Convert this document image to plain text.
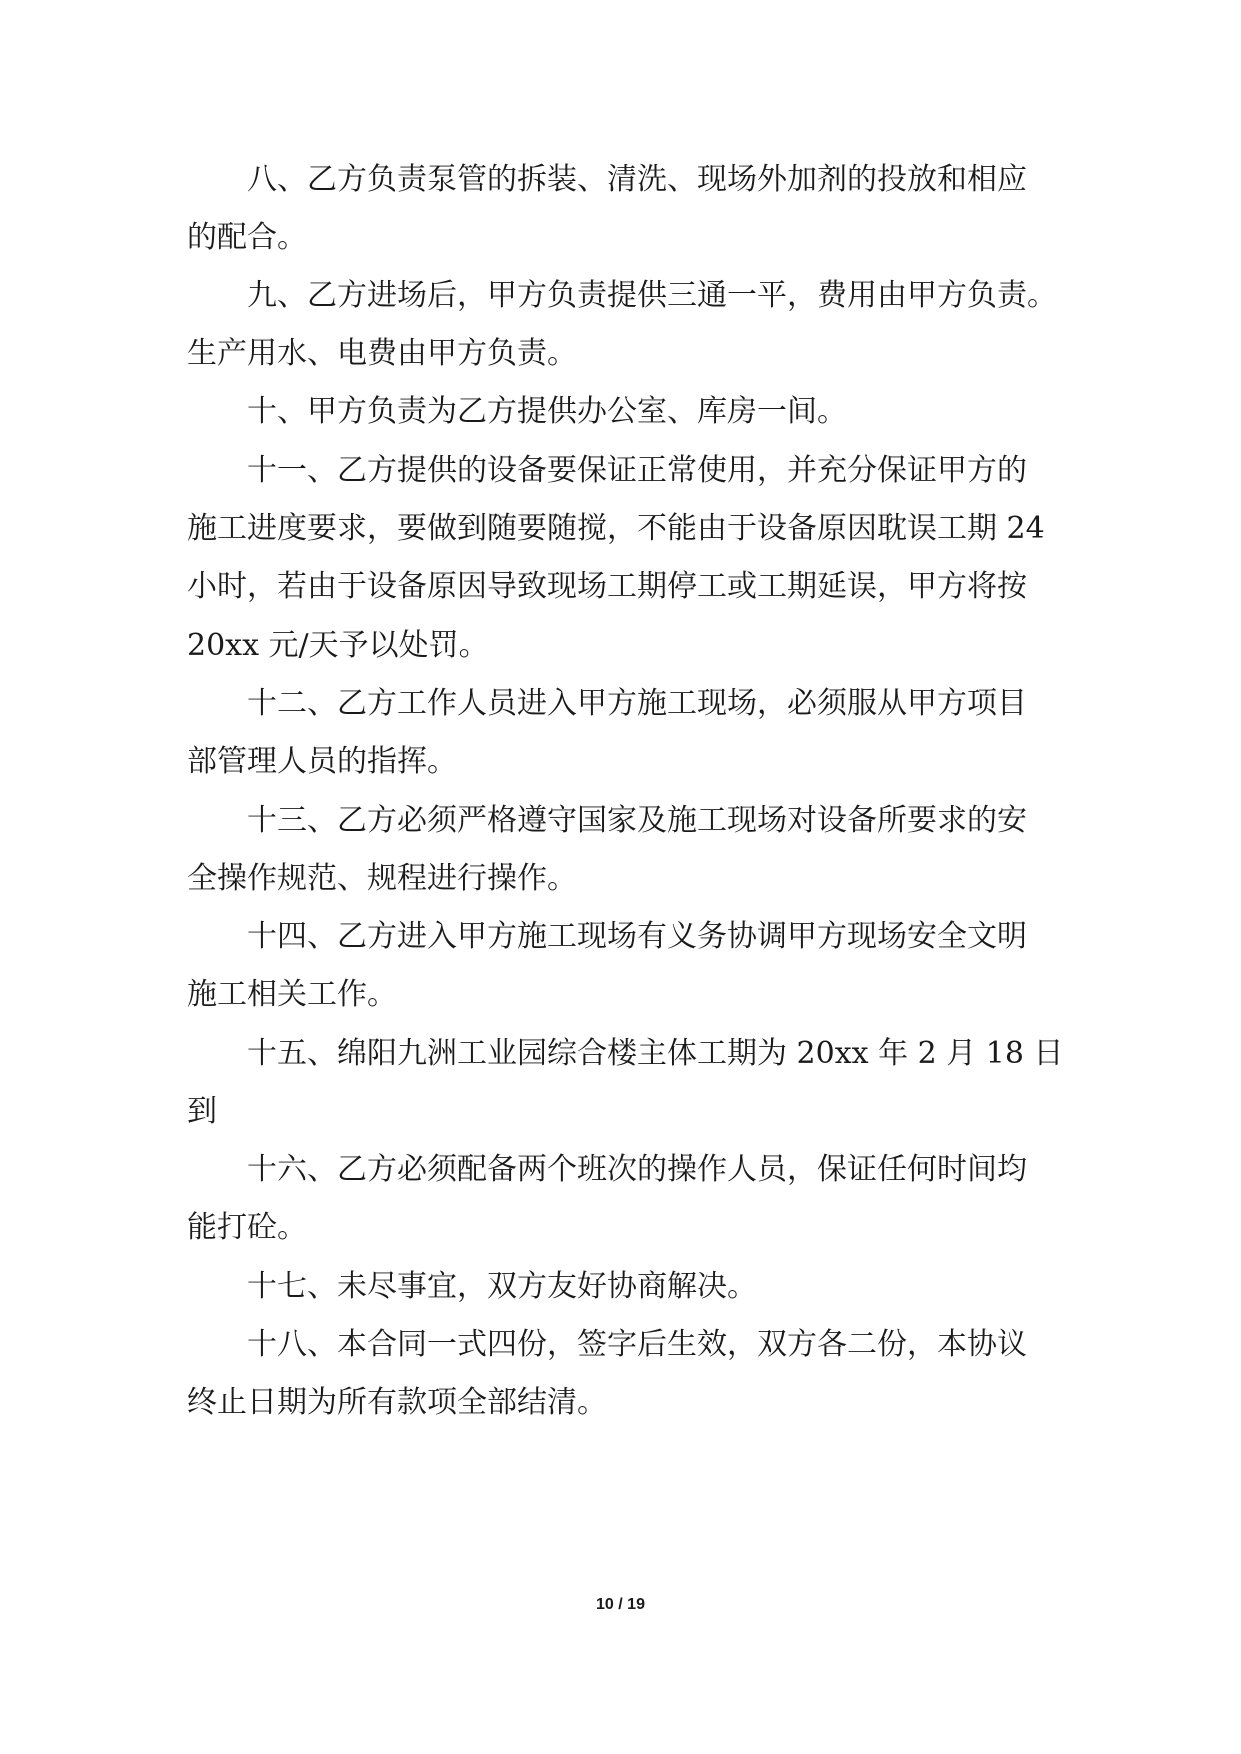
八、乙方负责泵管的拆装、清洗、现场外加剂的投放和相应
的配合。
九、乙方进场后，甲方负责提供三通一平，费用由甲方负责。
生产用水、电费由甲方负责。
十、甲方负责为乙方提供办公室、库房一间。
十一、乙方提供的设备要保证正常使用，并充分保证甲方的
施工进度要求，要做到随要随搅，不能由于设备原因耽误工期 24
小时，若由于设备原因导致现场工期停工或工期延误，甲方将按
20xx 元/天予以处罚。
十二、乙方工作人员进入甲方施工现场，必须服从甲方项目
部管理人员的指挥。
十三、乙方必须严格遵守国家及施工现场对设备所要求的安
全操作规范、规程进行操作。
十四、乙方进入甲方施工现场有义务协调甲方现场安全文明
施工相关工作。
十五、绵阳九洲工业园综合楼主体工期为 20xx 年 2 月 18 日
到
十六、乙方必须配备两个班次的操作人员，保证任何时间均
能打砼。
十七、未尽事宜，双方友好协商解决。
十八、本合同一式四份，签字后生效，双方各二份，本协议
终止日期为所有款项全部结清。
10 / 19
